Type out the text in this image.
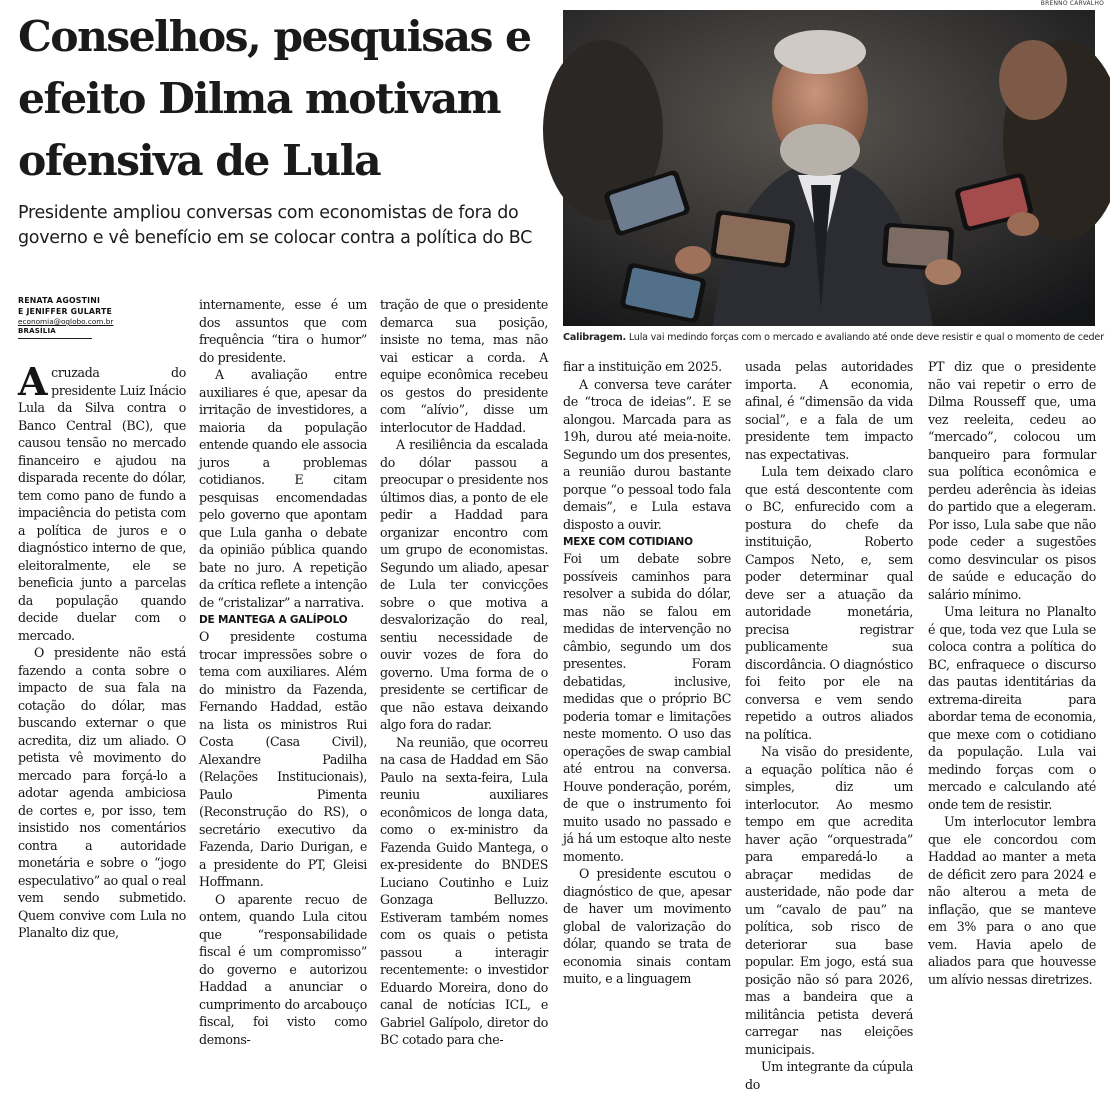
Conselhos, pesquisas e efeito Dilma motivam ofensiva de Lula

Presidente ampliou conversas com economistas de fora do governo e vê benefício em se colocar contra a política do BC

BRENNO CARVALHO

Calibragem. Lula vai medindo forças com o mercado e avaliando até onde deve resistir e qual o momento de ceder

RENATA AGOSTINI
E JENIFFER GULARTE
economia@oglobo.com.br
BRASÍLIA

Acruzada do presidente Luiz Inácio Lula da Silva contra o Banco Central (BC), que causou tensão no mercado financeiro e ajudou na disparada recente do dólar, tem como pano de fundo a impaciência do petista com a política de juros e o diagnóstico interno de que, eleitoralmente, ele se beneficia junto a parcelas da população quando decide duelar com o mercado.

O presidente não está fazendo a conta sobre o impacto de sua fala na cotação do dólar, mas buscando externar o que acredita, diz um aliado. O petista vê movimento do mercado para forçá-lo a adotar agenda ambiciosa de cortes e, por isso, tem insistido nos comentários contra a autoridade monetária e sobre o “jogo especulativo” ao qual o real vem sendo submetido. Quem convive com Lula no Planalto diz que,

internamente, esse é um dos assuntos que com frequência “tira o humor” do presidente.

A avaliação entre auxiliares é que, apesar da irritação de investidores, a maioria da população entende quando ele associa juros a problemas cotidianos. E citam pesquisas encomendadas pelo governo que apontam que Lula ganha o debate da opinião pública quando bate no juro. A repetição da crítica reflete a intenção de “cristalizar” a narrativa.

DE MANTEGA A GALÍPOLO

O presidente costuma trocar impressões sobre o tema com auxiliares. Além do ministro da Fazenda, Fernando Haddad, estão na lista os ministros Rui Costa (Casa Civil), Alexandre Padilha (Relações Institucionais), Paulo Pimenta (Reconstrução do RS), o secretário executivo da Fazenda, Dario Durigan, e a presidente do PT, Gleisi Hoffmann.

O aparente recuo de ontem, quando Lula citou que “responsabilidade fiscal é um compromisso” do governo e autorizou Haddad a anunciar o cumprimento do arcabouço fiscal, foi visto como demons-

tração de que o presidente demarca sua posição, insiste no tema, mas não vai esticar a corda. A equipe econômica recebeu os gestos do presidente com “alívio”, disse um interlocutor de Haddad.

A resiliência da escalada do dólar passou a preocupar o presidente nos últimos dias, a ponto de ele pedir a Haddad para organizar encontro com um grupo de economistas. Segundo um aliado, apesar de Lula ter convicções sobre o que motiva a desvalorização do real, sentiu necessidade de ouvir vozes de fora do governo. Uma forma de o presidente se certificar de que não estava deixando algo fora do radar.

Na reunião, que ocorreu na casa de Haddad em São Paulo na sexta-feira, Lula reuniu auxiliares econômicos de longa data, como o ex-ministro da Fazenda Guido Mantega, o ex-presidente do BNDES Luciano Coutinho e Luiz Gonzaga Belluzzo. Estiveram também nomes com os quais o petista passou a interagir recentemente: o investidor Eduardo Moreira, dono do canal de notícias ICL, e Gabriel Galípolo, diretor do BC cotado para che-

fiar a instituição em 2025.

A conversa teve caráter de “troca de ideias”. E se alongou. Marcada para as 19h, durou até meia-noite. Segundo um dos presentes, a reunião durou bastante porque “o pessoal todo fala demais”, e Lula estava disposto a ouvir.

MEXE COM COTIDIANO

Foi um debate sobre possíveis caminhos para resolver a subida do dólar, mas não se falou em medidas de intervenção no câmbio, segundo um dos presentes. Foram debatidas, inclusive, medidas que o próprio BC poderia tomar e limitações neste momento. O uso das operações de swap cambial até entrou na conversa. Houve ponderação, porém, de que o instrumento foi muito usado no passado e já há um estoque alto neste momento.

O presidente escutou o diagnóstico de que, apesar de haver um movimento global de valorização do dólar, quando se trata de economia sinais contam muito, e a linguagem

usada pelas autoridades importa. A economia, afinal, é “dimensão da vida social”, e a fala de um presidente tem impacto nas expectativas.

Lula tem deixado claro que está descontente com o BC, enfurecido com a postura do chefe da instituição, Roberto Campos Neto, e, sem poder determinar qual deve ser a atuação da autoridade monetária, precisa registrar publicamente sua discordância. O diagnóstico foi feito por ele na conversa e vem sendo repetido a outros aliados na política.

Na visão do presidente, a equação política não é simples, diz um interlocutor. Ao mesmo tempo em que acredita haver ação “orquestrada” para emparedá-lo a abraçar medidas de austeridade, não pode dar um “cavalo de pau” na política, sob risco de deteriorar sua base popular. Em jogo, está sua posição não só para 2026, mas a bandeira que a militância petista deverá carregar nas eleições municipais.

Um integrante da cúpula do

PT diz que o presidente não vai repetir o erro de Dilma Rousseff que, uma vez reeleita, cedeu ao “mercado”, colocou um banqueiro para formular sua política econômica e perdeu aderência às ideias do partido que a elegeram. Por isso, Lula sabe que não pode ceder a sugestões como desvincular os pisos de saúde e educação do salário mínimo.

Uma leitura no Planalto é que, toda vez que Lula se coloca contra a política do BC, enfraquece o discurso das pautas identitárias da extrema-direita para abordar tema de economia, que mexe com o cotidiano da população. Lula vai medindo forças com o mercado e calculando até onde tem de resistir.

Um interlocutor lembra que ele concordou com Haddad ao manter a meta de déficit zero para 2024 e não alterou a meta de inflação, que se manteve em 3% para o ano que vem. Havia apelo de aliados para que houvesse um alívio nessas diretrizes.
